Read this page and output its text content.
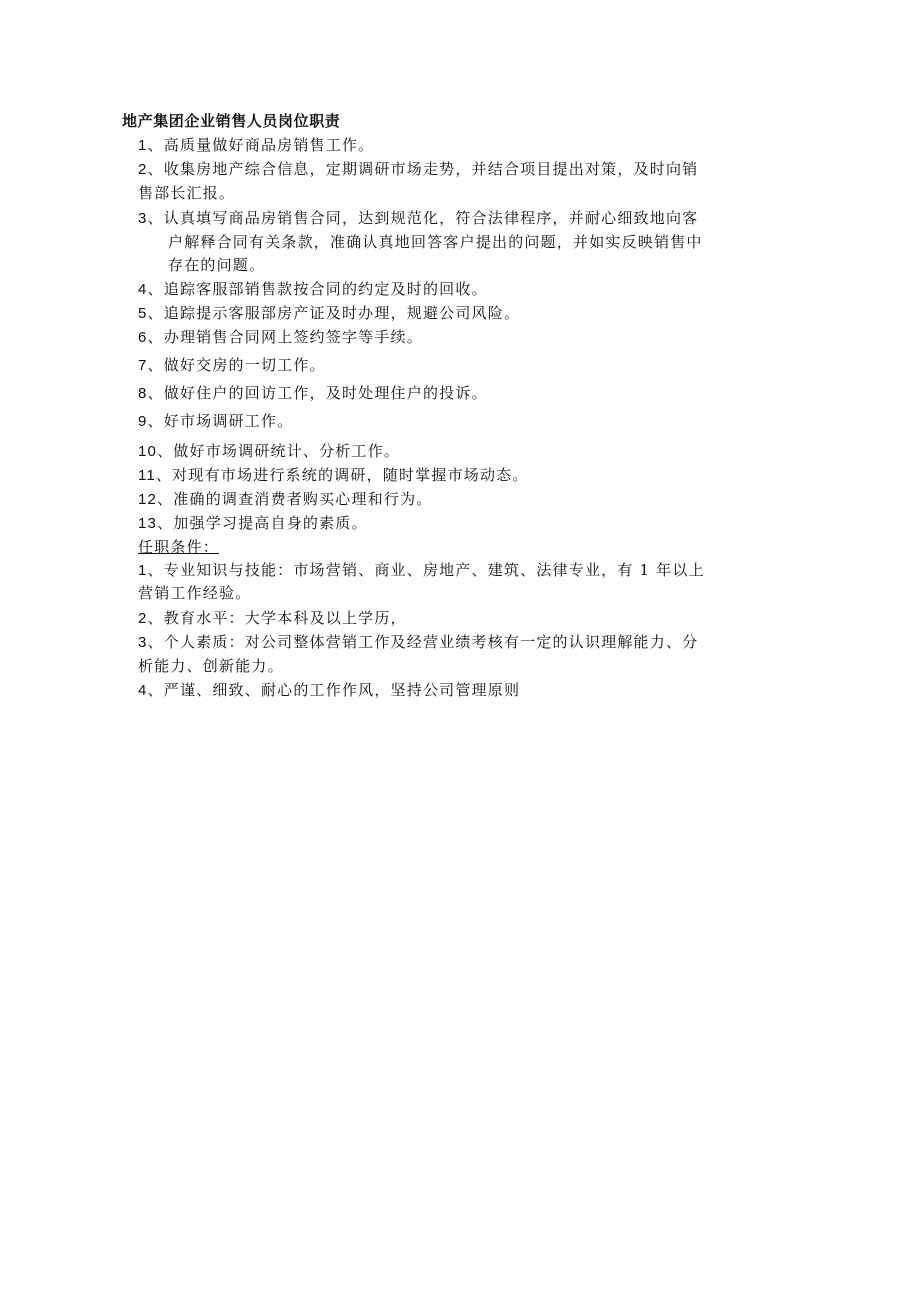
地产集团企业销售人员岗位职责
1、高质量做好商品房销售工作。
2、收集房地产综合信息，定期调研市场走势，并结合项目提出对策，及时向销
售部长汇报。
3、认真填写商品房销售合同，达到规范化，符合法律程序，并耐心细致地向客
户解释合同有关条款，准确认真地回答客户提出的问题，并如实反映销售中
存在的问题。
4、追踪客服部销售款按合同的约定及时的回收。
5、追踪提示客服部房产证及时办理，规避公司风险。
6、办理销售合同网上签约签字等手续。
7、做好交房的一切工作。
8、做好住户的回访工作，及时处理住户的投诉。
9、好市场调研工作。
10、做好市场调研统计、分析工作。
11、对现有市场进行系统的调研，随时掌握市场动态。
12、准确的调查消费者购买心理和行为。
13、加强学习提高自身的素质。
任职条件：
1、专业知识与技能：市场营销、商业、房地产、建筑、法律专业，有 1 年以上
营销工作经验。
2、教育水平：大学本科及以上学历，
3、个人素质：对公司整体营销工作及经营业绩考核有一定的认识理解能力、分
析能力、创新能力。
4、严谨、细致、耐心的工作作风，坚持公司管理原则
